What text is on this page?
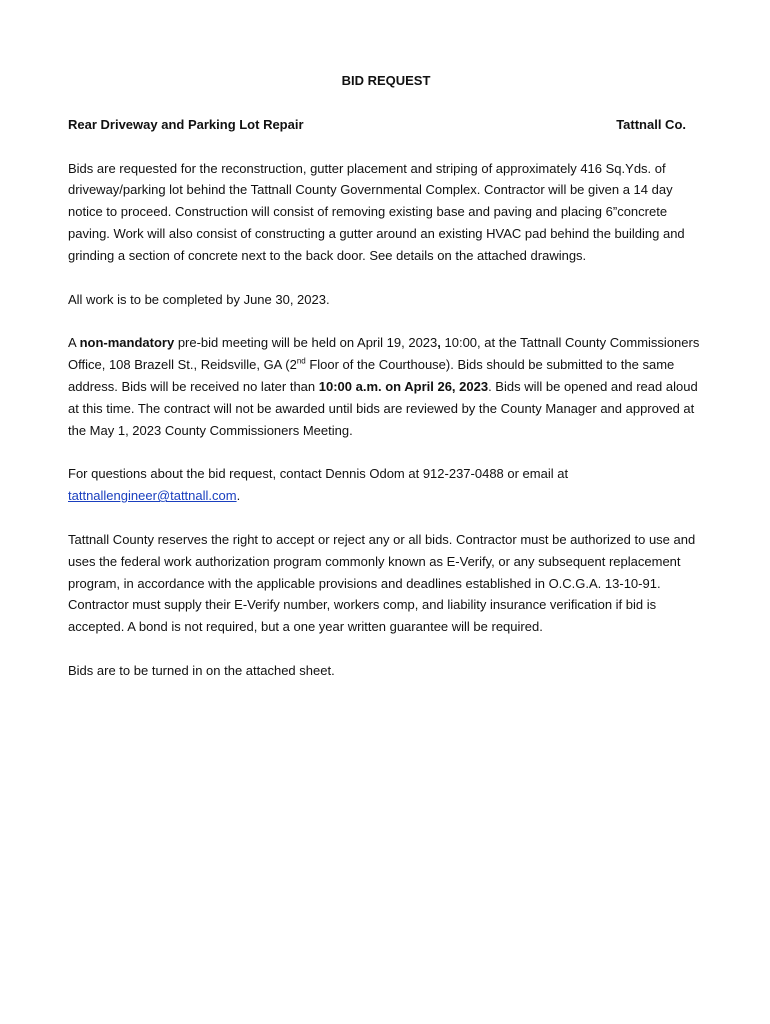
BID REQUEST
Rear Driveway and Parking Lot Repair	Tattnall Co.

Bids are requested for the reconstruction, gutter placement and striping of approximately 416 Sq.Yds. of driveway/parking lot behind the Tattnall County Governmental Complex. Contractor will be given a 14 day notice to proceed. Construction will consist of removing existing base and paving and placing 6”concrete paving. Work will also consist of constructing a gutter around an existing HVAC pad behind the building and grinding a section of concrete next to the back door. See details on the attached drawings.

All work is to be completed by June 30, 2023.

A non-mandatory pre-bid meeting will be held on April 19, 2023, 10:00, at the Tattnall County Commissioners Office, 108 Brazell St., Reidsville, GA (2nd Floor of the Courthouse). Bids should be submitted to the same address. Bids will be received no later than 10:00 a.m. on April 26, 2023. Bids will be opened and read aloud at this time. The contract will not be awarded until bids are reviewed by the County Manager and approved at the May 1, 2023 County Commissioners Meeting.

For questions about the bid request, contact Dennis Odom at 912-237-0488 or email at tattnallengineer@tattnall.com.

Tattnall County reserves the right to accept or reject any or all bids. Contractor must be authorized to use and uses the federal work authorization program commonly known as E-Verify, or any subsequent replacement program, in accordance with the applicable provisions and deadlines established in O.C.G.A. 13-10-91. Contractor must supply their E-Verify number, workers comp, and liability insurance verification if bid is accepted. A bond is not required, but a one year written guarantee will be required.

Bids are to be turned in on the attached sheet.
